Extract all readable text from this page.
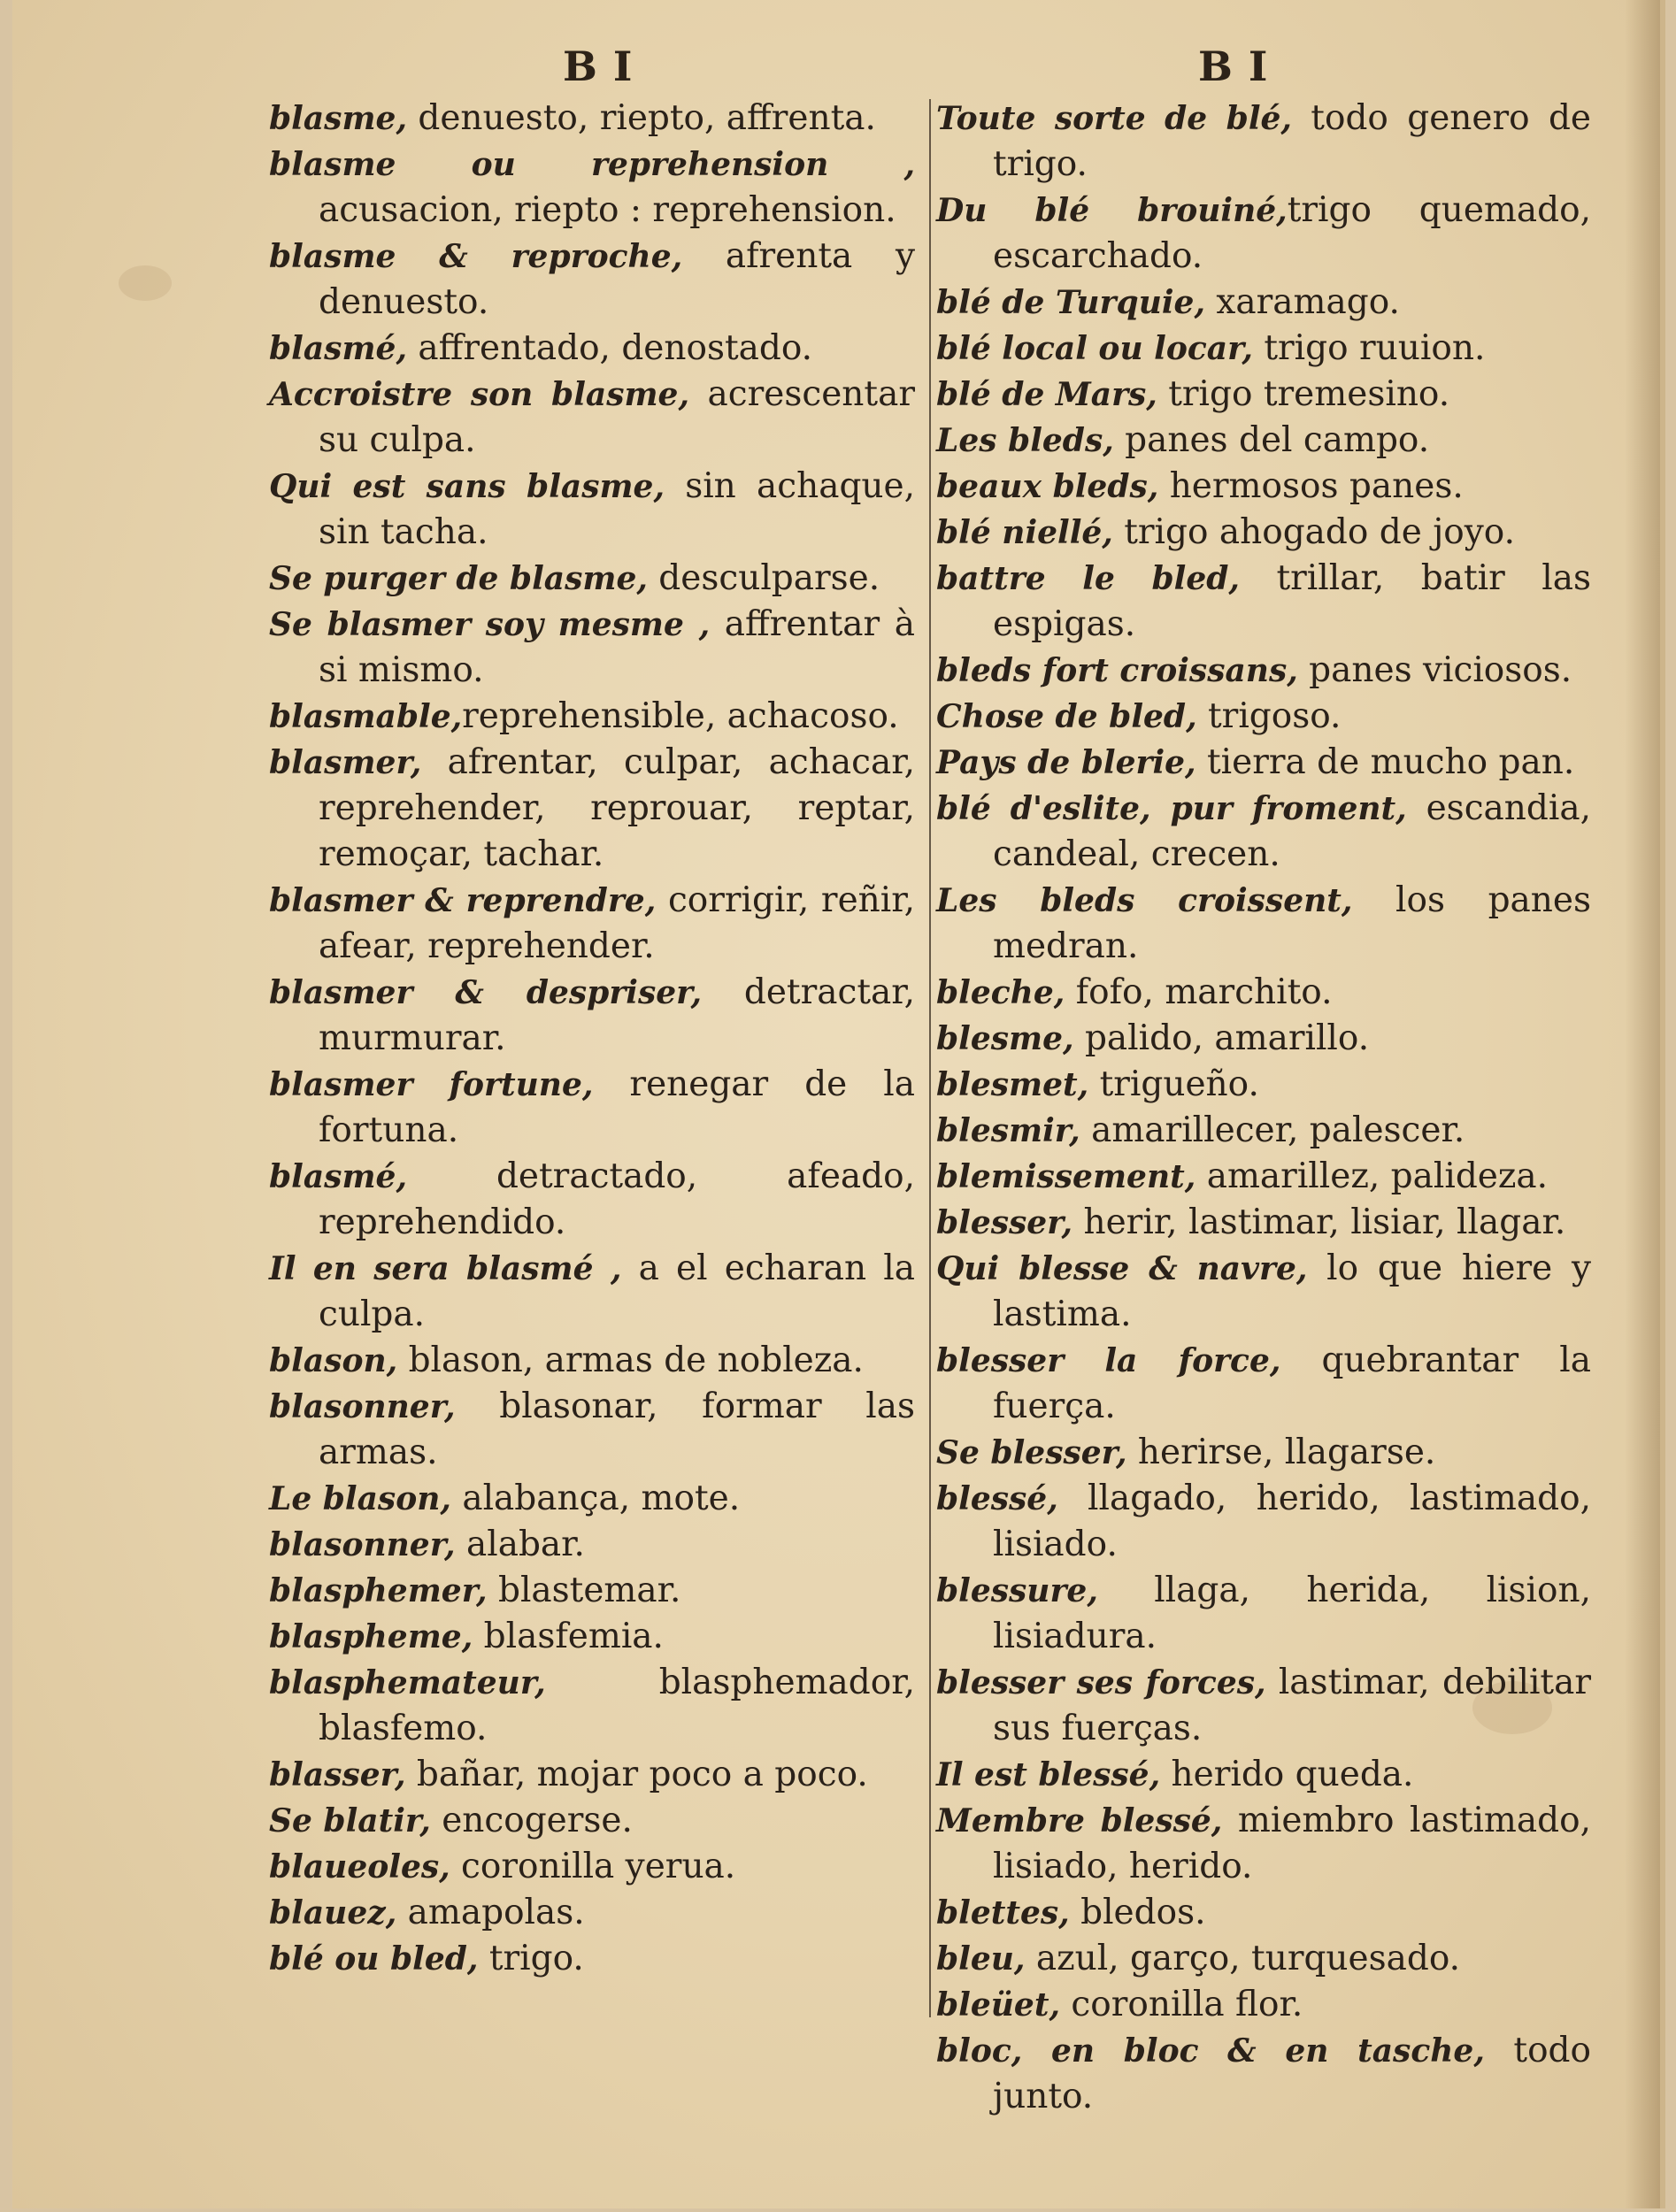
BI	BI

blasme, denuesto, riepto, affrenta.

blasme ou reprehension , acusacion, riepto : reprehension.

blasme & reproche, afrenta y denuesto.

blasmé, affrentado, denostado.

Accroistre son blasme, acrescentar su culpa.

Qui est sans blasme, sin achaque, sin tacha.

Se purger de blasme, desculparse.

Se blasmer soy mesme , affrentar à si mismo.

blasmable,reprehensible, achacoso.

blasmer, afrentar, culpar, achacar, reprehender, reprouar, reptar, remoçar, tachar.

blasmer & reprendre, corrigir, reñir, afear, reprehender.

blasmer & despriser, detractar, murmurar.

blasmer fortune, renegar de la fortuna.

blasmé, detractado, afeado, reprehendido.

Il en sera blasmé , a el echaran la culpa.

blason, blason, armas de nobleza.

blasonner, blasonar, formar las armas.

Le blason, alabança, mote.

blasonner, alabar.

blasphemer, blastemar.

blaspheme, blasfemia.

blasphemateur, blasphemador, blasfemo.

blasser, bañar, mojar poco a poco.

Se blatir, encogerse.

blaueoles, coronilla yerua.

blauez, amapolas.

blé ou bled, trigo.

Toute sorte de blé, todo genero de trigo.

Du blé brouiné,trigo quemado, escarchado.

blé de Turquie, xaramago.

blé local ou locar, trigo ruuion.

blé de Mars, trigo tremesino.

Les bleds, panes del campo.

beaux bleds, hermosos panes.

blé niellé, trigo ahogado de joyo.

battre le bled, trillar, batir las espigas.

bleds fort croissans, panes viciosos.

Chose de bled, trigoso.

Pays de blerie, tierra de mucho pan.

blé d'eslite, pur froment, escandia, candeal, crecen.

Les bleds croissent, los panes medran.

bleche, fofo, marchito.

blesme, palido, amarillo.

blesmet, trigueño.

blesmir, amarillecer, palescer.

blemissement, amarillez, palideza.

blesser, herir, lastimar, lisiar, llagar.

Qui blesse & navre, lo que hiere y lastima.

blesser la force, quebrantar la fuerça.

Se blesser, herirse, llagarse.

blessé, llagado, herido, lastimado, lisiado.

blessure, llaga, herida, lision, lisiadura.

blesser ses forces, lastimar, debilitar sus fuerças.

Il est blessé, herido queda.

Membre blessé, miembro lastimado, lisiado, herido.

blettes, bledos.

bleu, azul, garço, turquesado.

bleüet, coronilla flor.

bloc, en bloc & en tasche, todo junto.
